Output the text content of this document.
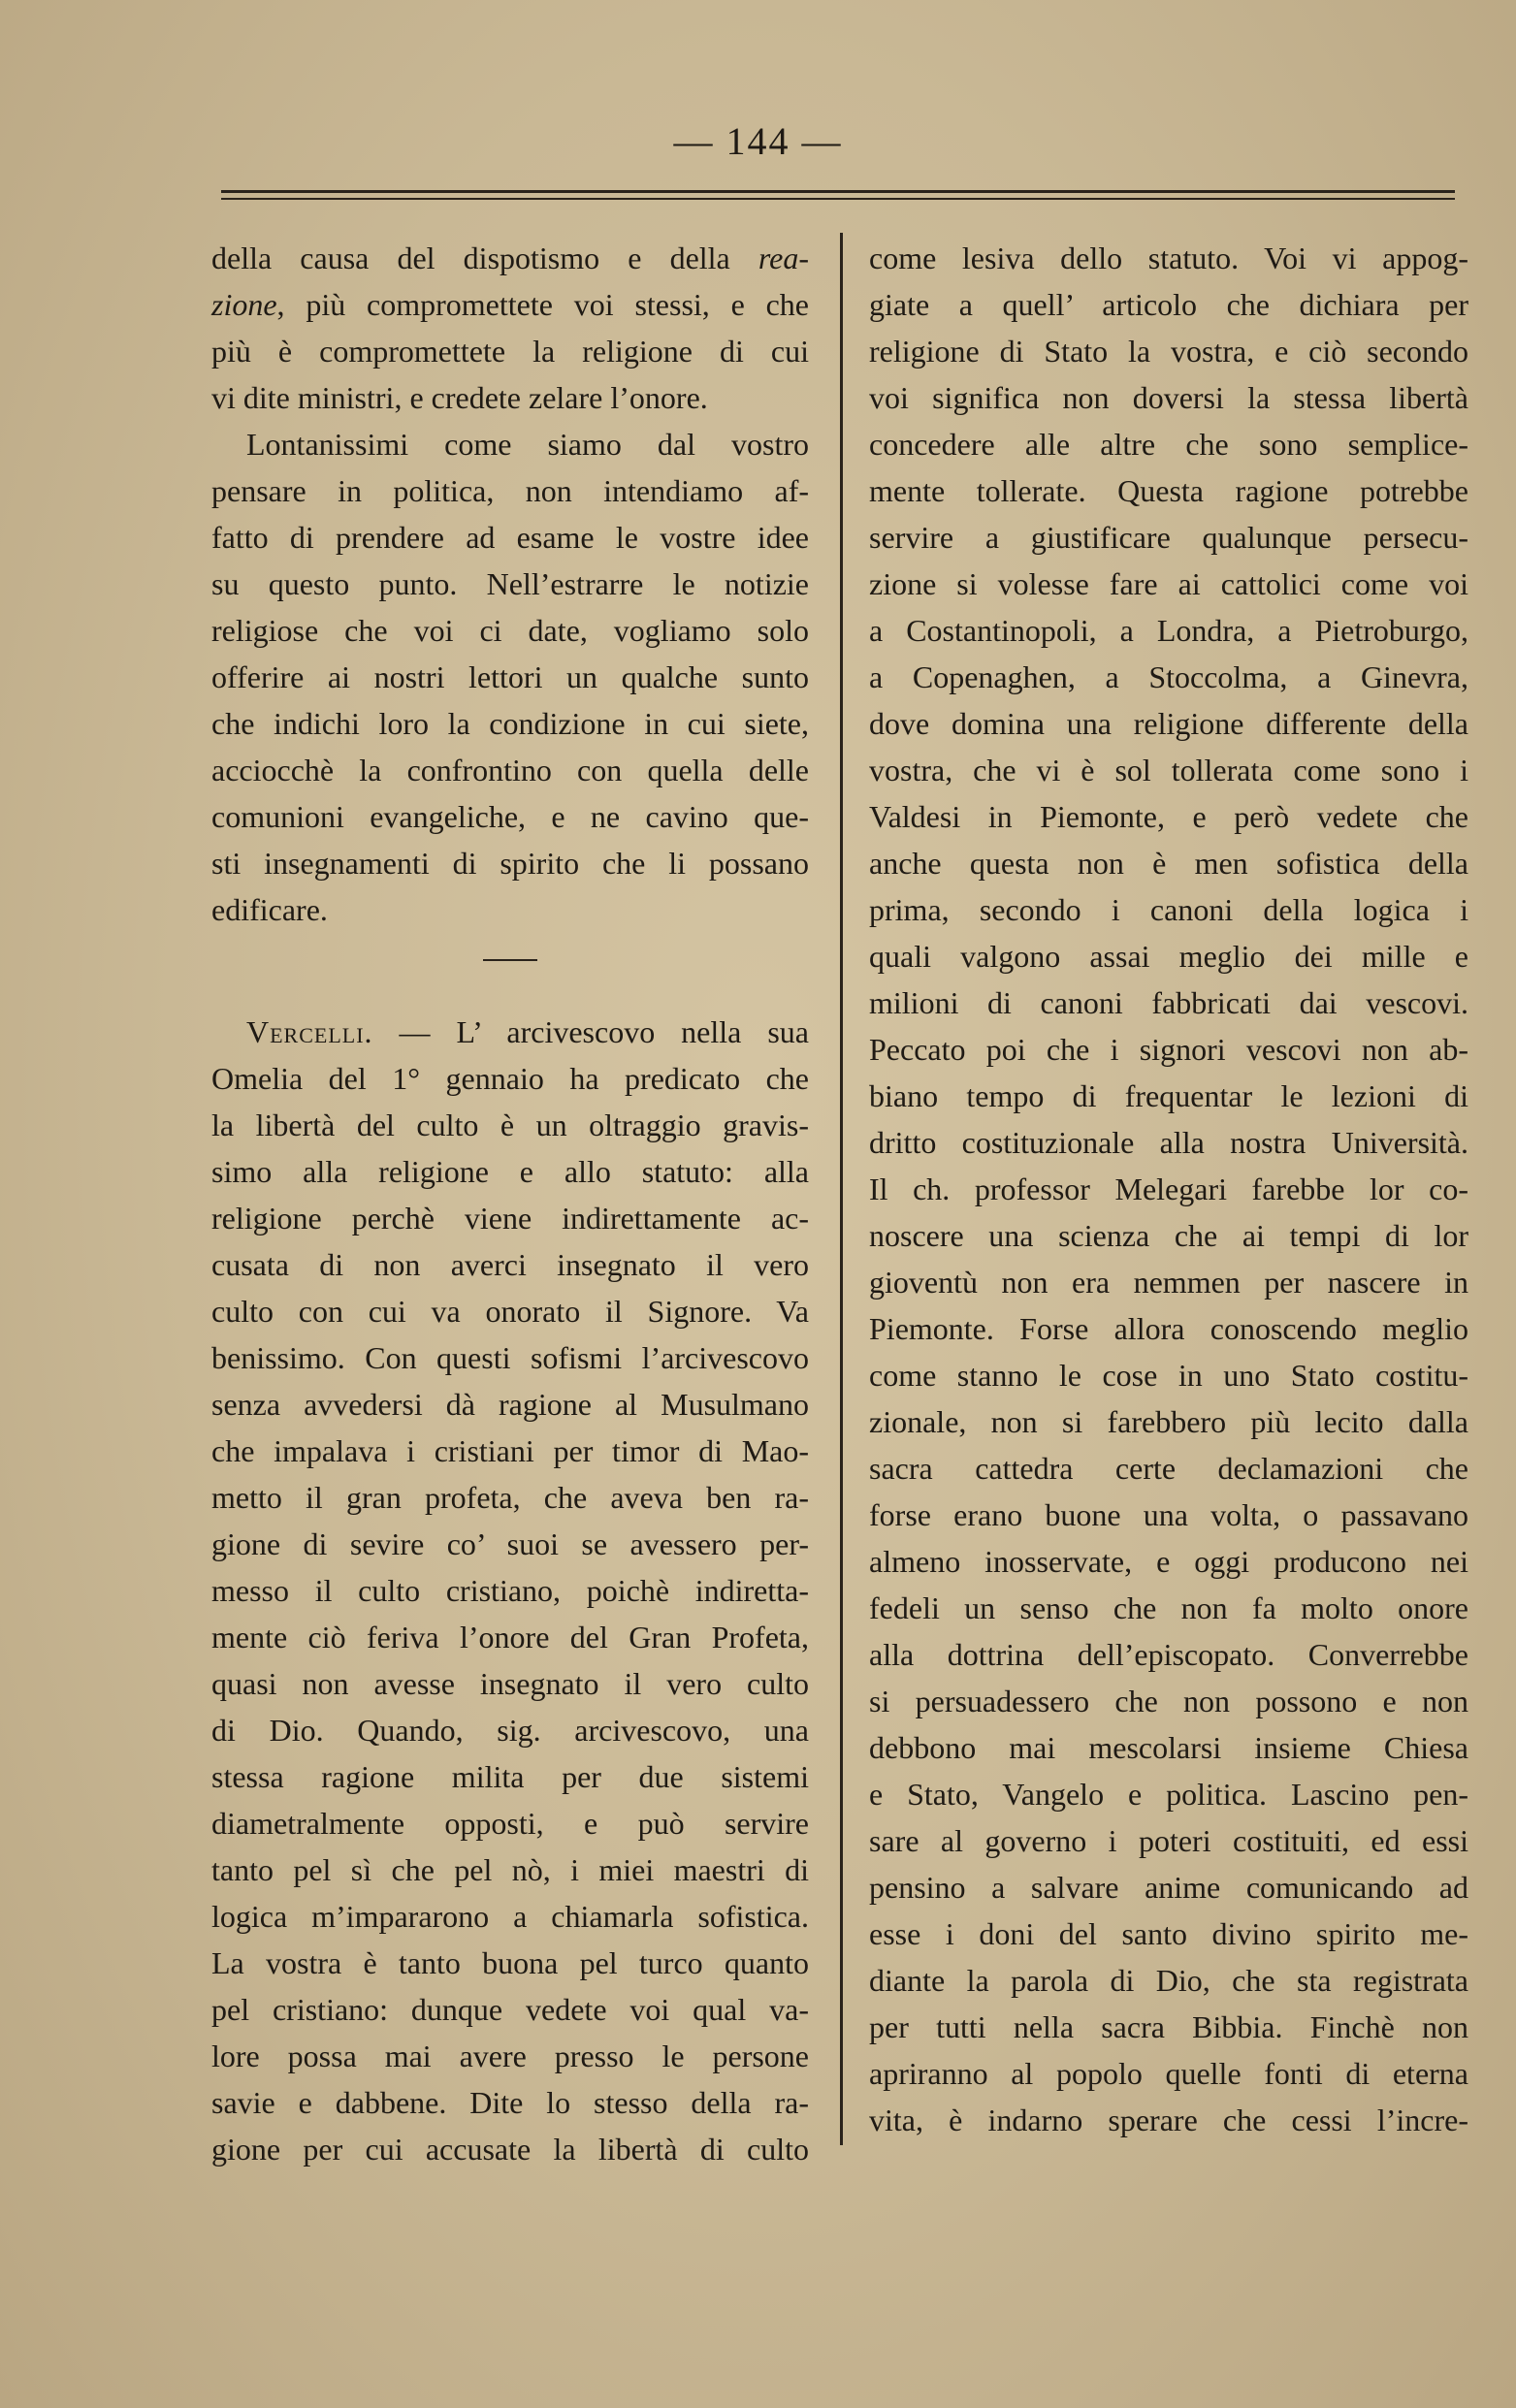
— 144 —
della causa del dispotismo e della rea-
zione, più compromettete voi stessi, e che
più è compromettete la religione di cui
vi dite ministri, e credete zelare l’onore.
Lontanissimi come siamo dal vostro
pensare in politica, non intendiamo af-
fatto di prendere ad esame le vostre idee
su questo punto. Nell’estrarre le notizie
religiose che voi ci date, vogliamo solo
offerire ai nostri lettori un qualche sunto
che indichi loro la condizione in cui siete,
acciocchè la confrontino con quella delle
comunioni evangeliche, e ne cavino que-
sti insegnamenti di spirito che li possano
edificare.
Vercelli. — L’ arcivescovo nella sua
Omelia del 1° gennaio ha predicato che
la libertà del culto è un oltraggio gravis-
simo alla religione e allo statuto: alla
religione perchè viene indirettamente ac-
cusata di non averci insegnato il vero
culto con cui va onorato il Signore. Va
benissimo. Con questi sofismi l’arcivescovo
senza avvedersi dà ragione al Musulmano
che impalava i cristiani per timor di Mao-
metto il gran profeta, che aveva ben ra-
gione di sevire co’ suoi se avessero per-
messo il culto cristiano, poichè indiretta-
mente ciò feriva l’onore del Gran Profeta,
quasi non avesse insegnato il vero culto
di Dio. Quando, sig. arcivescovo, una
stessa ragione milita per due sistemi
diametralmente opposti, e può servire
tanto pel sì che pel nò, i miei maestri di
logica m’impararono a chiamarla sofistica.
La vostra è tanto buona pel turco quanto
pel cristiano: dunque vedete voi qual va-
lore possa mai avere presso le persone
savie e dabbene. Dite lo stesso della ra-
gione per cui accusate la libertà di culto
come lesiva dello statuto. Voi vi appog-
giate a quell’ articolo che dichiara per
religione di Stato la vostra, e ciò secondo
voi significa non doversi la stessa libertà
concedere alle altre che sono semplice-
mente tollerate. Questa ragione potrebbe
servire a giustificare qualunque persecu-
zione si volesse fare ai cattolici come voi
a Costantinopoli, a Londra, a Pietroburgo,
a Copenaghen, a Stoccolma, a Ginevra,
dove domina una religione differente della
vostra, che vi è sol tollerata come sono i
Valdesi in Piemonte, e però vedete che
anche questa non è men sofistica della
prima, secondo i canoni della logica i
quali valgono assai meglio dei mille e
milioni di canoni fabbricati dai vescovi.
Peccato poi che i signori vescovi non ab-
biano tempo di frequentar le lezioni di
dritto costituzionale alla nostra Università.
Il ch. professor Melegari farebbe lor co-
noscere una scienza che ai tempi di lor
gioventù non era nemmen per nascere in
Piemonte. Forse allora conoscendo meglio
come stanno le cose in uno Stato costitu-
zionale, non si farebbero più lecito dalla
sacra cattedra certe declamazioni che
forse erano buone una volta, o passavano
almeno inosservate, e oggi producono nei
fedeli un senso che non fa molto onore
alla dottrina dell’episcopato. Converrebbe
si persuadessero che non possono e non
debbono mai mescolarsi insieme Chiesa
e Stato, Vangelo e politica. Lascino pen-
sare al governo i poteri costituiti, ed essi
pensino a salvare anime comunicando ad
esse i doni del santo divino spirito me-
diante la parola di Dio, che sta registrata
per tutti nella sacra Bibbia. Finchè non
apriranno al popolo quelle fonti di eterna
vita, è indarno sperare che cessi l’incre-
